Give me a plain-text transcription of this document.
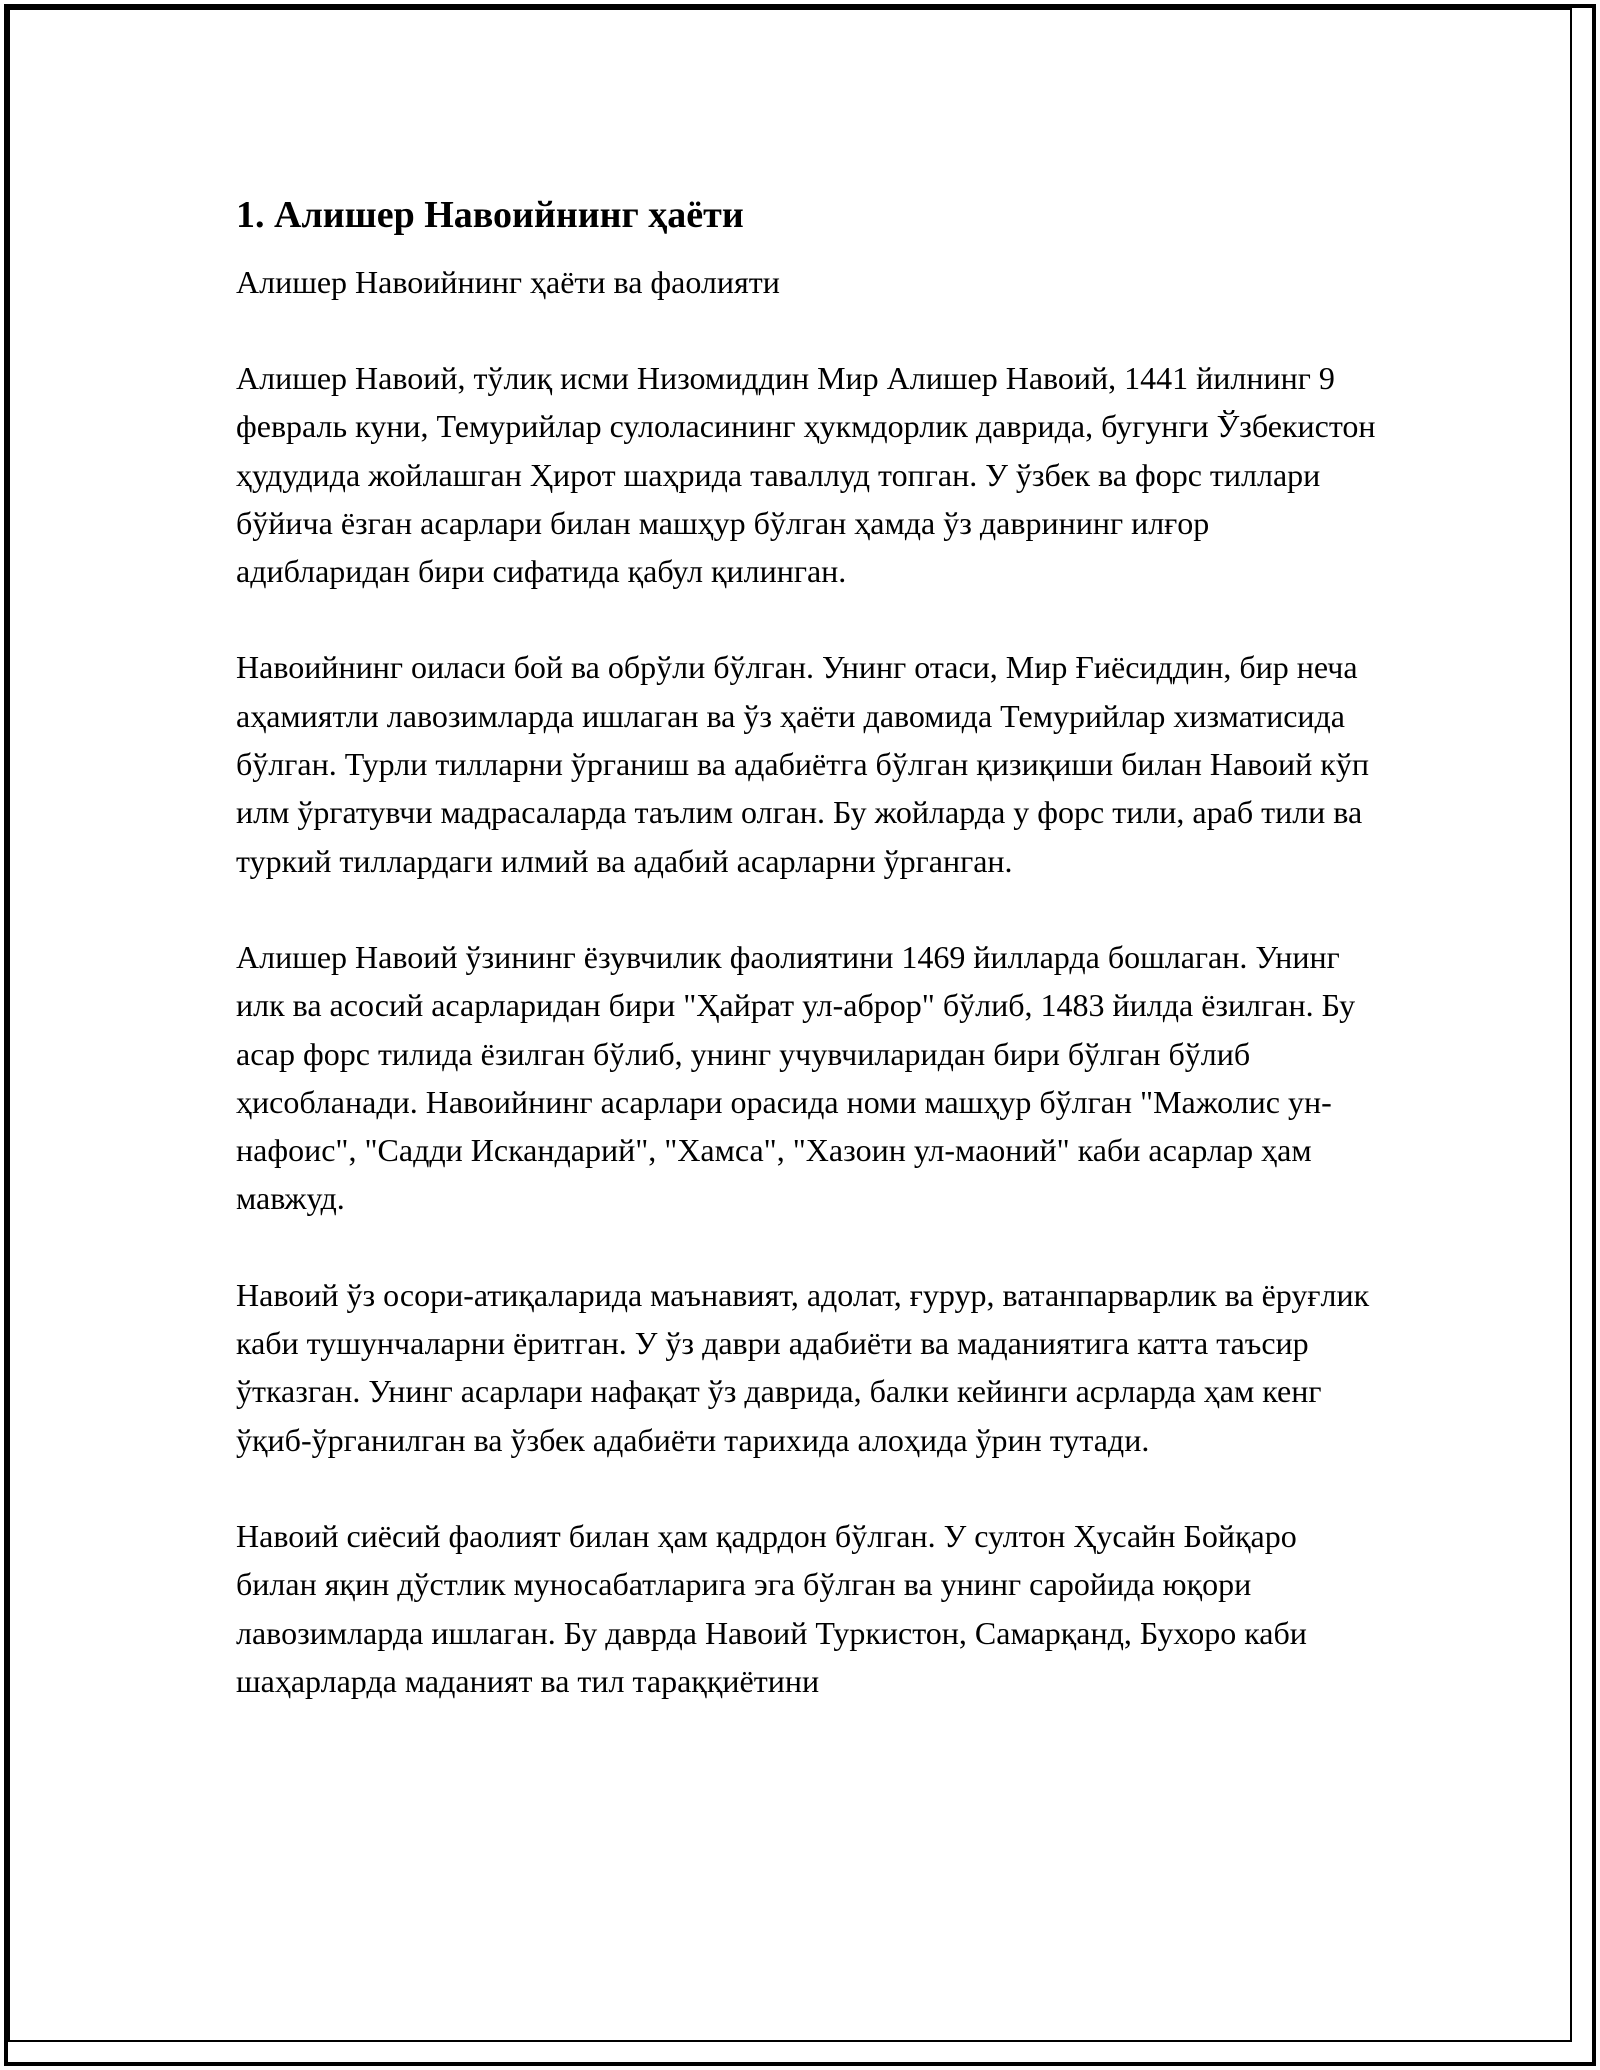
1. Алишер Навоийнинг ҳаёти

Алишер Навоийнинг ҳаёти ва фаолияти

Алишер Навоий, тўлиқ исми Низомиддин Мир Алишер Навоий, 1441 йилнинг 9 февраль куни, Темурийлар сулоласининг ҳукмдорлик даврида, бугунги Ўзбекистон ҳудудида жойлашган Ҳирот шаҳрида таваллуд топган. У ўзбек ва форс тиллари бўйича ёзган асарлари билан машҳур бўлган ҳамда ўз даврининг илғор адибларидан бири сифатида қабул қилинган.

Навоийнинг оиласи бой ва обрўли бўлган. Унинг отаси, Мир Ғиёсиддин, бир неча аҳамиятли лавозимларда ишлаган ва ўз ҳаёти давомида Темурийлар хизматисида бўлган. Турли тилларни ўрганиш ва адабиётга бўлган қизиқиши билан Навоий кўп илм ўргатувчи мадрасаларда таълим олган. Бу жойларда у форс тили, араб тили ва туркий тиллардаги илмий ва адабий асарларни ўрганган.

Алишер Навоий ўзининг ёзувчилик фаолиятини 1469 йилларда бошлаган. Унинг илк ва асосий асарларидан бири "Ҳайрат ул-аброр" бўлиб, 1483 йилда ёзилган. Бу асар форс тилида ёзилган бўлиб, унинг учувчиларидан бири бўлган бўлиб ҳисобланади. Навоийнинг асарлари орасида номи машҳур бўлган "Мажолис ун-нафоис", "Садди Искандарий", "Хамса", "Хазоин ул-маоний" каби асарлар ҳам мавжуд.

Навоий ўз осори-атиқаларида маънавият, адолат, ғурур, ватанпарварлик ва ёруғлик каби тушунчаларни ёритган. У ўз даври адабиёти ва маданиятига катта таъсир ўтказган. Унинг асарлари нафақат ўз даврида, балки кейинги асрларда ҳам кенг ўқиб-ўрганилган ва ўзбек адабиёти тарихида алоҳида ўрин тутади.

Навоий сиёсий фаолият билан ҳам қадрдон бўлган. У султон Ҳусайн Бойқаро билан яқин дўстлик муносабатларига эга бўлган ва унинг саройида юқори лавозимларда ишлаган. Бу даврда Навоий Туркистон, Самарқанд, Бухоро каби шаҳарларда маданият ва тил тараққиётини
